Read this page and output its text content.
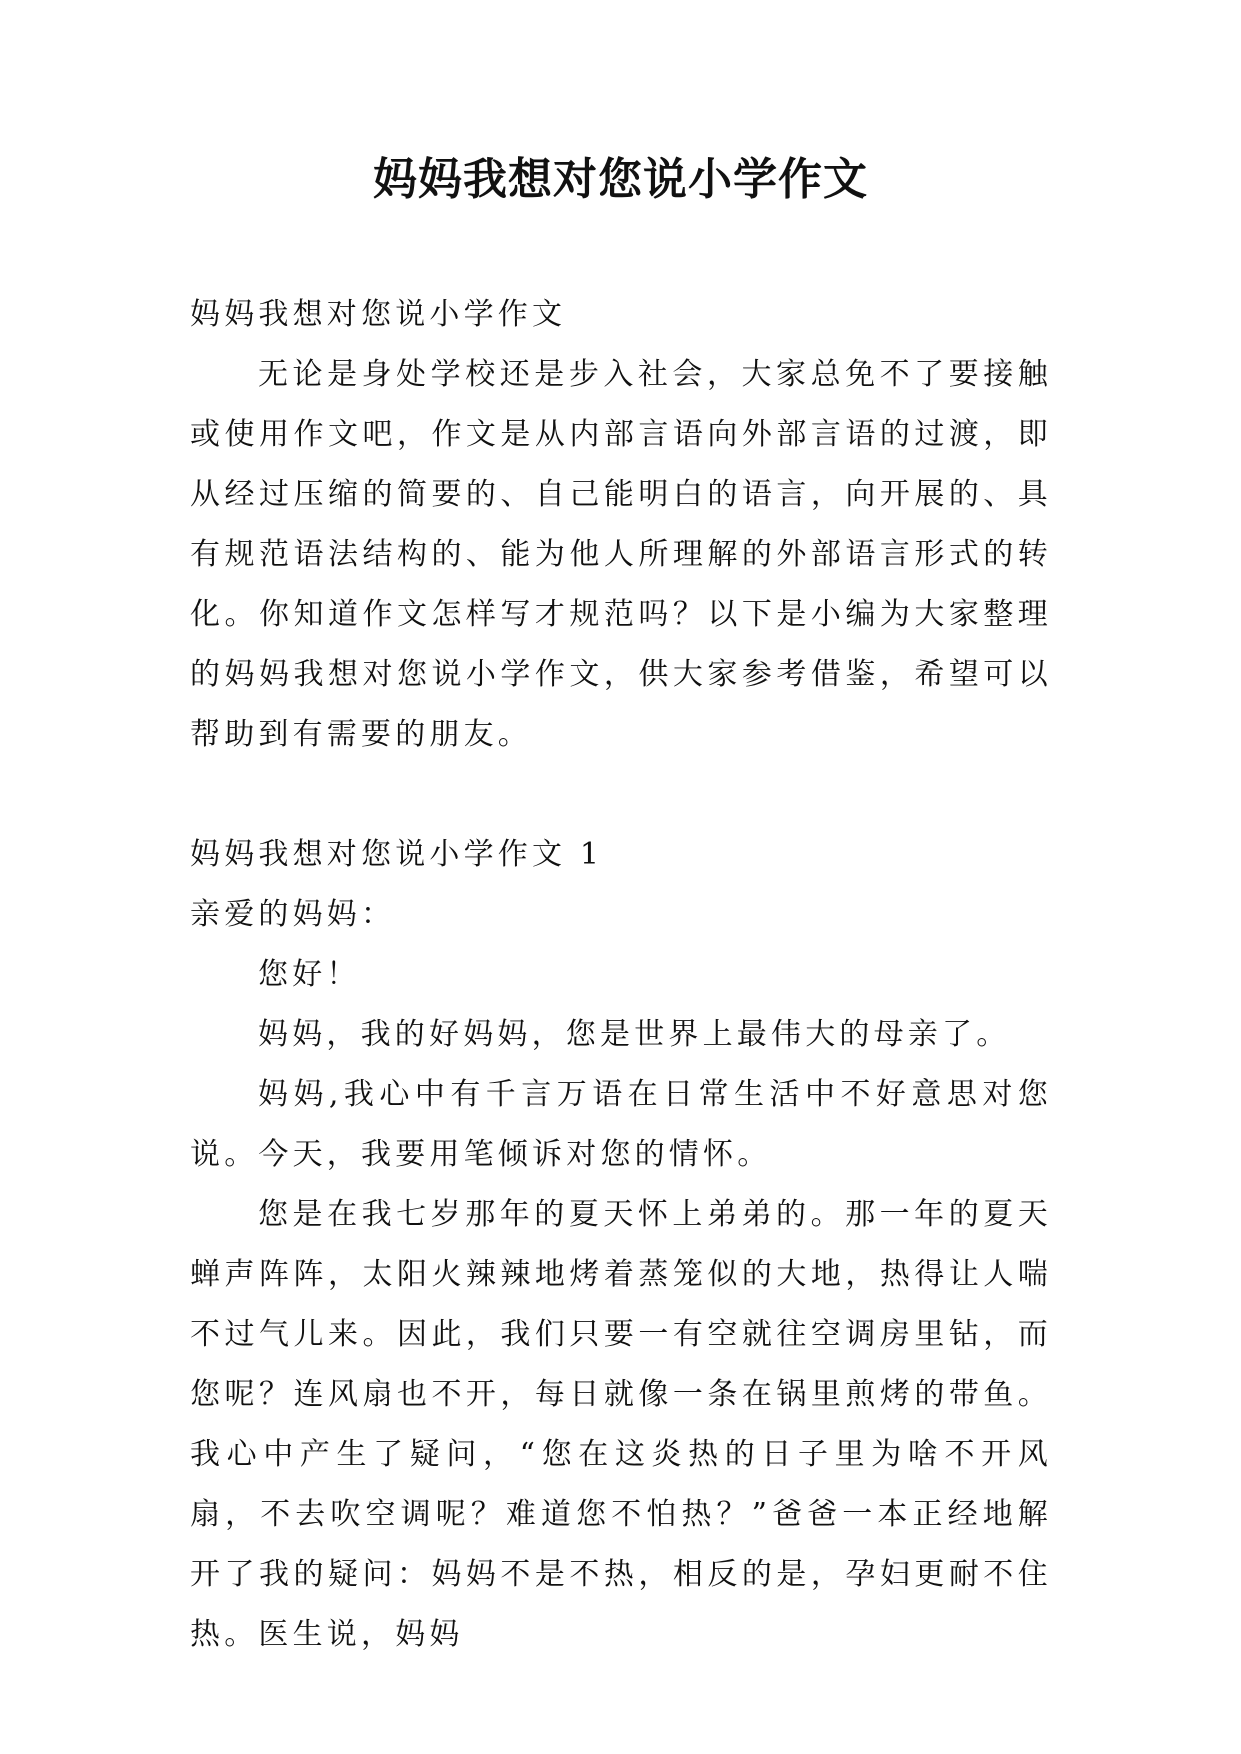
妈妈我想对您说小学作文

妈妈我想对您说小学作文

无论是身处学校还是步入社会，大家总免不了要接触或使用作文吧，作文是从内部言语向外部言语的过渡，即从经过压缩的简要的、自己能明白的语言，向开展的、具有规范语法结构的、能为他人所理解的外部语言形式的转化。你知道作文怎样写才规范吗？以下是小编为大家整理的妈妈我想对您说小学作文，供大家参考借鉴，希望可以帮助到有需要的朋友。

妈妈我想对您说小学作文 1

亲爱的妈妈：

您好！

妈妈，我的好妈妈，您是世界上最伟大的母亲了。

妈妈,我心中有千言万语在日常生活中不好意思对您说。今天，我要用笔倾诉对您的情怀。

您是在我七岁那年的夏天怀上弟弟的。那一年的夏天蝉声阵阵，太阳火辣辣地烤着蒸笼似的大地，热得让人喘不过气儿来。因此，我们只要一有空就往空调房里钻，而您呢？连风扇也不开，每日就像一条在锅里煎烤的带鱼。我心中产生了疑问，“您在这炎热的日子里为啥不开风扇，不去吹空调呢？难道您不怕热？”爸爸一本正经地解开了我的疑问：妈妈不是不热，相反的是，孕妇更耐不住热。医生说，妈妈
